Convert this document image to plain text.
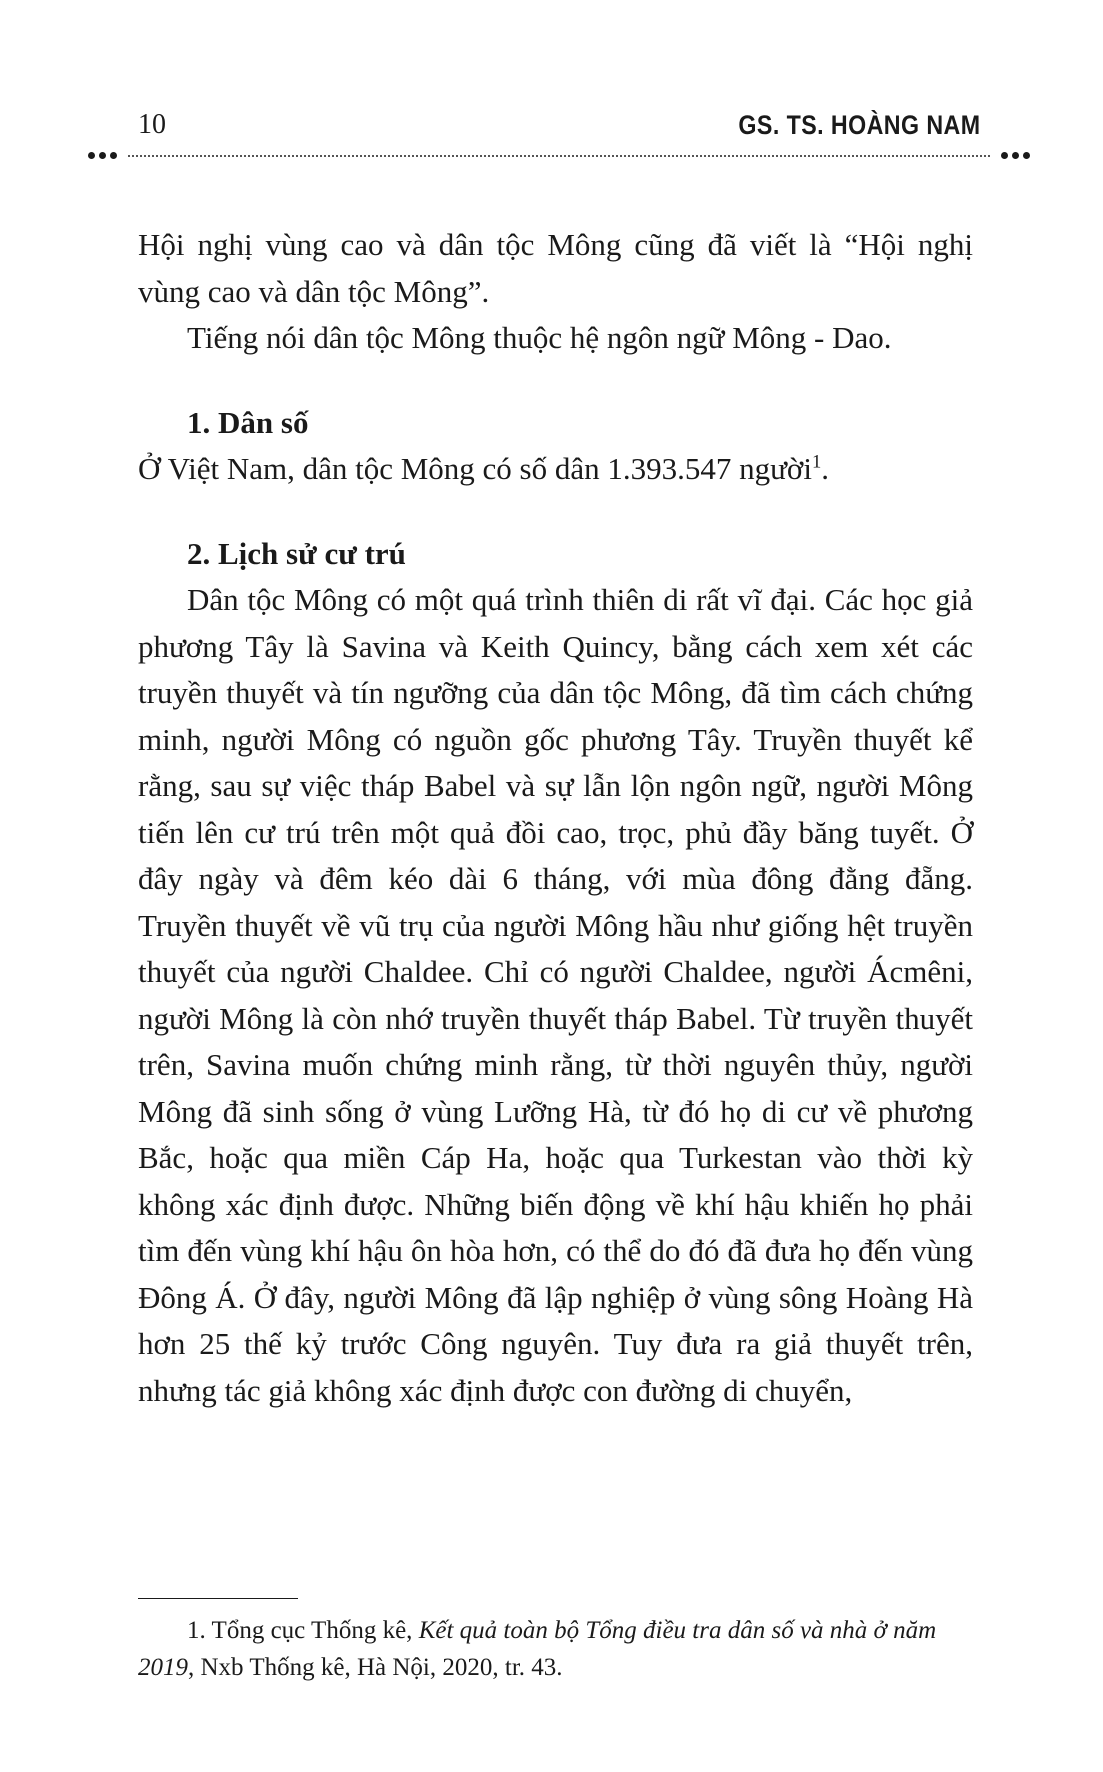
10	GS. TS. HOÀNG NAM

Hội nghị vùng cao và dân tộc Mông cũng đã viết là “Hội nghị vùng cao và dân tộc Mông”.

Tiếng nói dân tộc Mông thuộc hệ ngôn ngữ Mông - Dao.

1. Dân số

Ở Việt Nam, dân tộc Mông có số dân 1.393.547 người$^1$.

2. Lịch sử cư trú

Dân tộc Mông có một quá trình thiên di rất vĩ đại. Các học giả phương Tây là Savina và Keith Quincy, bằng cách xem xét các truyền thuyết và tín ngưỡng của dân tộc Mông, đã tìm cách chứng minh, người Mông có nguồn gốc phương Tây. Truyền thuyết kể rằng, sau sự việc tháp Babel và sự lẫn lộn ngôn ngữ, người Mông tiến lên cư trú trên một quả đồi cao, trọc, phủ đầy băng tuyết. Ở đây ngày và đêm kéo dài 6 tháng, với mùa đông đằng đẵng. Truyền thuyết về vũ trụ của người Mông hầu như giống hệt truyền thuyết của người Chaldee. Chỉ có người Chaldee, người Ácmêni, người Mông là còn nhớ truyền thuyết tháp Babel. Từ truyền thuyết trên, Savina muốn chứng minh rằng, từ thời nguyên thủy, người Mông đã sinh sống ở vùng Lưỡng Hà, từ đó họ di cư về phương Bắc, hoặc qua miền Cáp Ha, hoặc qua Turkestan vào thời kỳ không xác định được. Những biến động về khí hậu khiến họ phải tìm đến vùng khí hậu ôn hòa hơn, có thể do đó đã đưa họ đến vùng Đông Á. Ở đây, người Mông đã lập nghiệp ở vùng sông Hoàng Hà hơn 25 thế kỷ trước Công nguyên. Tuy đưa ra giả thuyết trên, nhưng tác giả không xác định được con đường di chuyển,

1. Tổng cục Thống kê, Kết quả toàn bộ Tổng điều tra dân số và nhà ở năm 2019, Nxb Thống kê, Hà Nội, 2020, tr. 43.
